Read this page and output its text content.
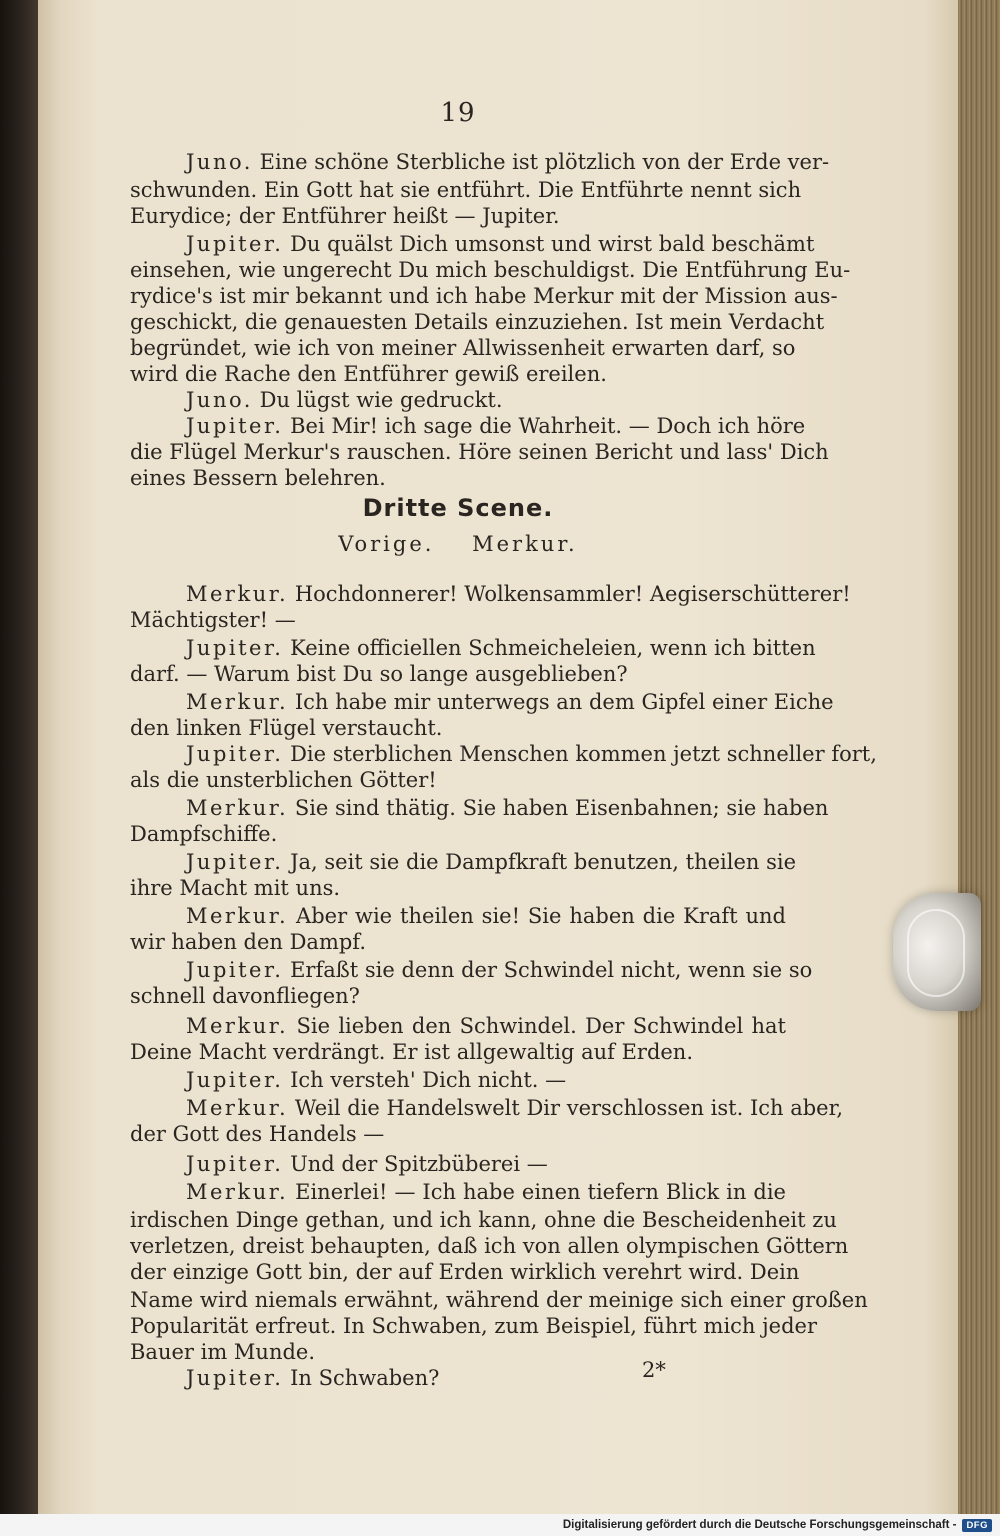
19
Dritte Scene.
Vorige. Merkur.
2*
Juno. Eine schöne Sterbliche ist plötzlich von der Erde ver-
schwunden. Ein Gott hat sie entführt. Die Entführte nennt sich
Eurydice; der Entführer heißt — Jupiter.
Jupiter. Du quälst Dich umsonst und wirst bald beschämt
einsehen, wie ungerecht Du mich beschuldigst. Die Entführung Eu-
rydice's ist mir bekannt und ich habe Merkur mit der Mission aus-
geschickt, die genauesten Details einzuziehen. Ist mein Verdacht
begründet, wie ich von meiner Allwissenheit erwarten darf, so
wird die Rache den Entführer gewiß ereilen.
Juno. Du lügst wie gedruckt.
Jupiter. Bei Mir! ich sage die Wahrheit. — Doch ich höre
die Flügel Merkur's rauschen. Höre seinen Bericht und lass' Dich
eines Bessern belehren.
Merkur. Hochdonnerer! Wolkensammler! Aegiserschütterer!
Mächtigster! —
Jupiter. Keine officiellen Schmeicheleien, wenn ich bitten
darf. — Warum bist Du so lange ausgeblieben?
Merkur. Ich habe mir unterwegs an dem Gipfel einer Eiche
den linken Flügel verstaucht.
Jupiter. Die sterblichen Menschen kommen jetzt schneller fort,
als die unsterblichen Götter!
Merkur. Sie sind thätig. Sie haben Eisenbahnen; sie haben
Dampfschiffe.
Jupiter. Ja, seit sie die Dampfkraft benutzen, theilen sie
ihre Macht mit uns.
Merkur. Aber wie theilen sie! Sie haben die Kraft und
wir haben den Dampf.
Jupiter. Erfaßt sie denn der Schwindel nicht, wenn sie so
schnell davonfliegen?
Merkur. Sie lieben den Schwindel. Der Schwindel hat
Deine Macht verdrängt. Er ist allgewaltig auf Erden.
Jupiter. Ich versteh' Dich nicht. —
Merkur. Weil die Handelswelt Dir verschlossen ist. Ich aber,
der Gott des Handels —
Jupiter. Und der Spitzbüberei —
Merkur. Einerlei! — Ich habe einen tiefern Blick in die
irdischen Dinge gethan, und ich kann, ohne die Bescheidenheit zu
verletzen, dreist behaupten, daß ich von allen olympischen Göttern
der einzige Gott bin, der auf Erden wirklich verehrt wird. Dein
Name wird niemals erwähnt, während der meinige sich einer großen
Popularität erfreut. In Schwaben, zum Beispiel, führt mich jeder
Bauer im Munde.
Jupiter. In Schwaben?
Digitalisierung gefördert durch die Deutsche Forschungsgemeinschaft -	DFG
